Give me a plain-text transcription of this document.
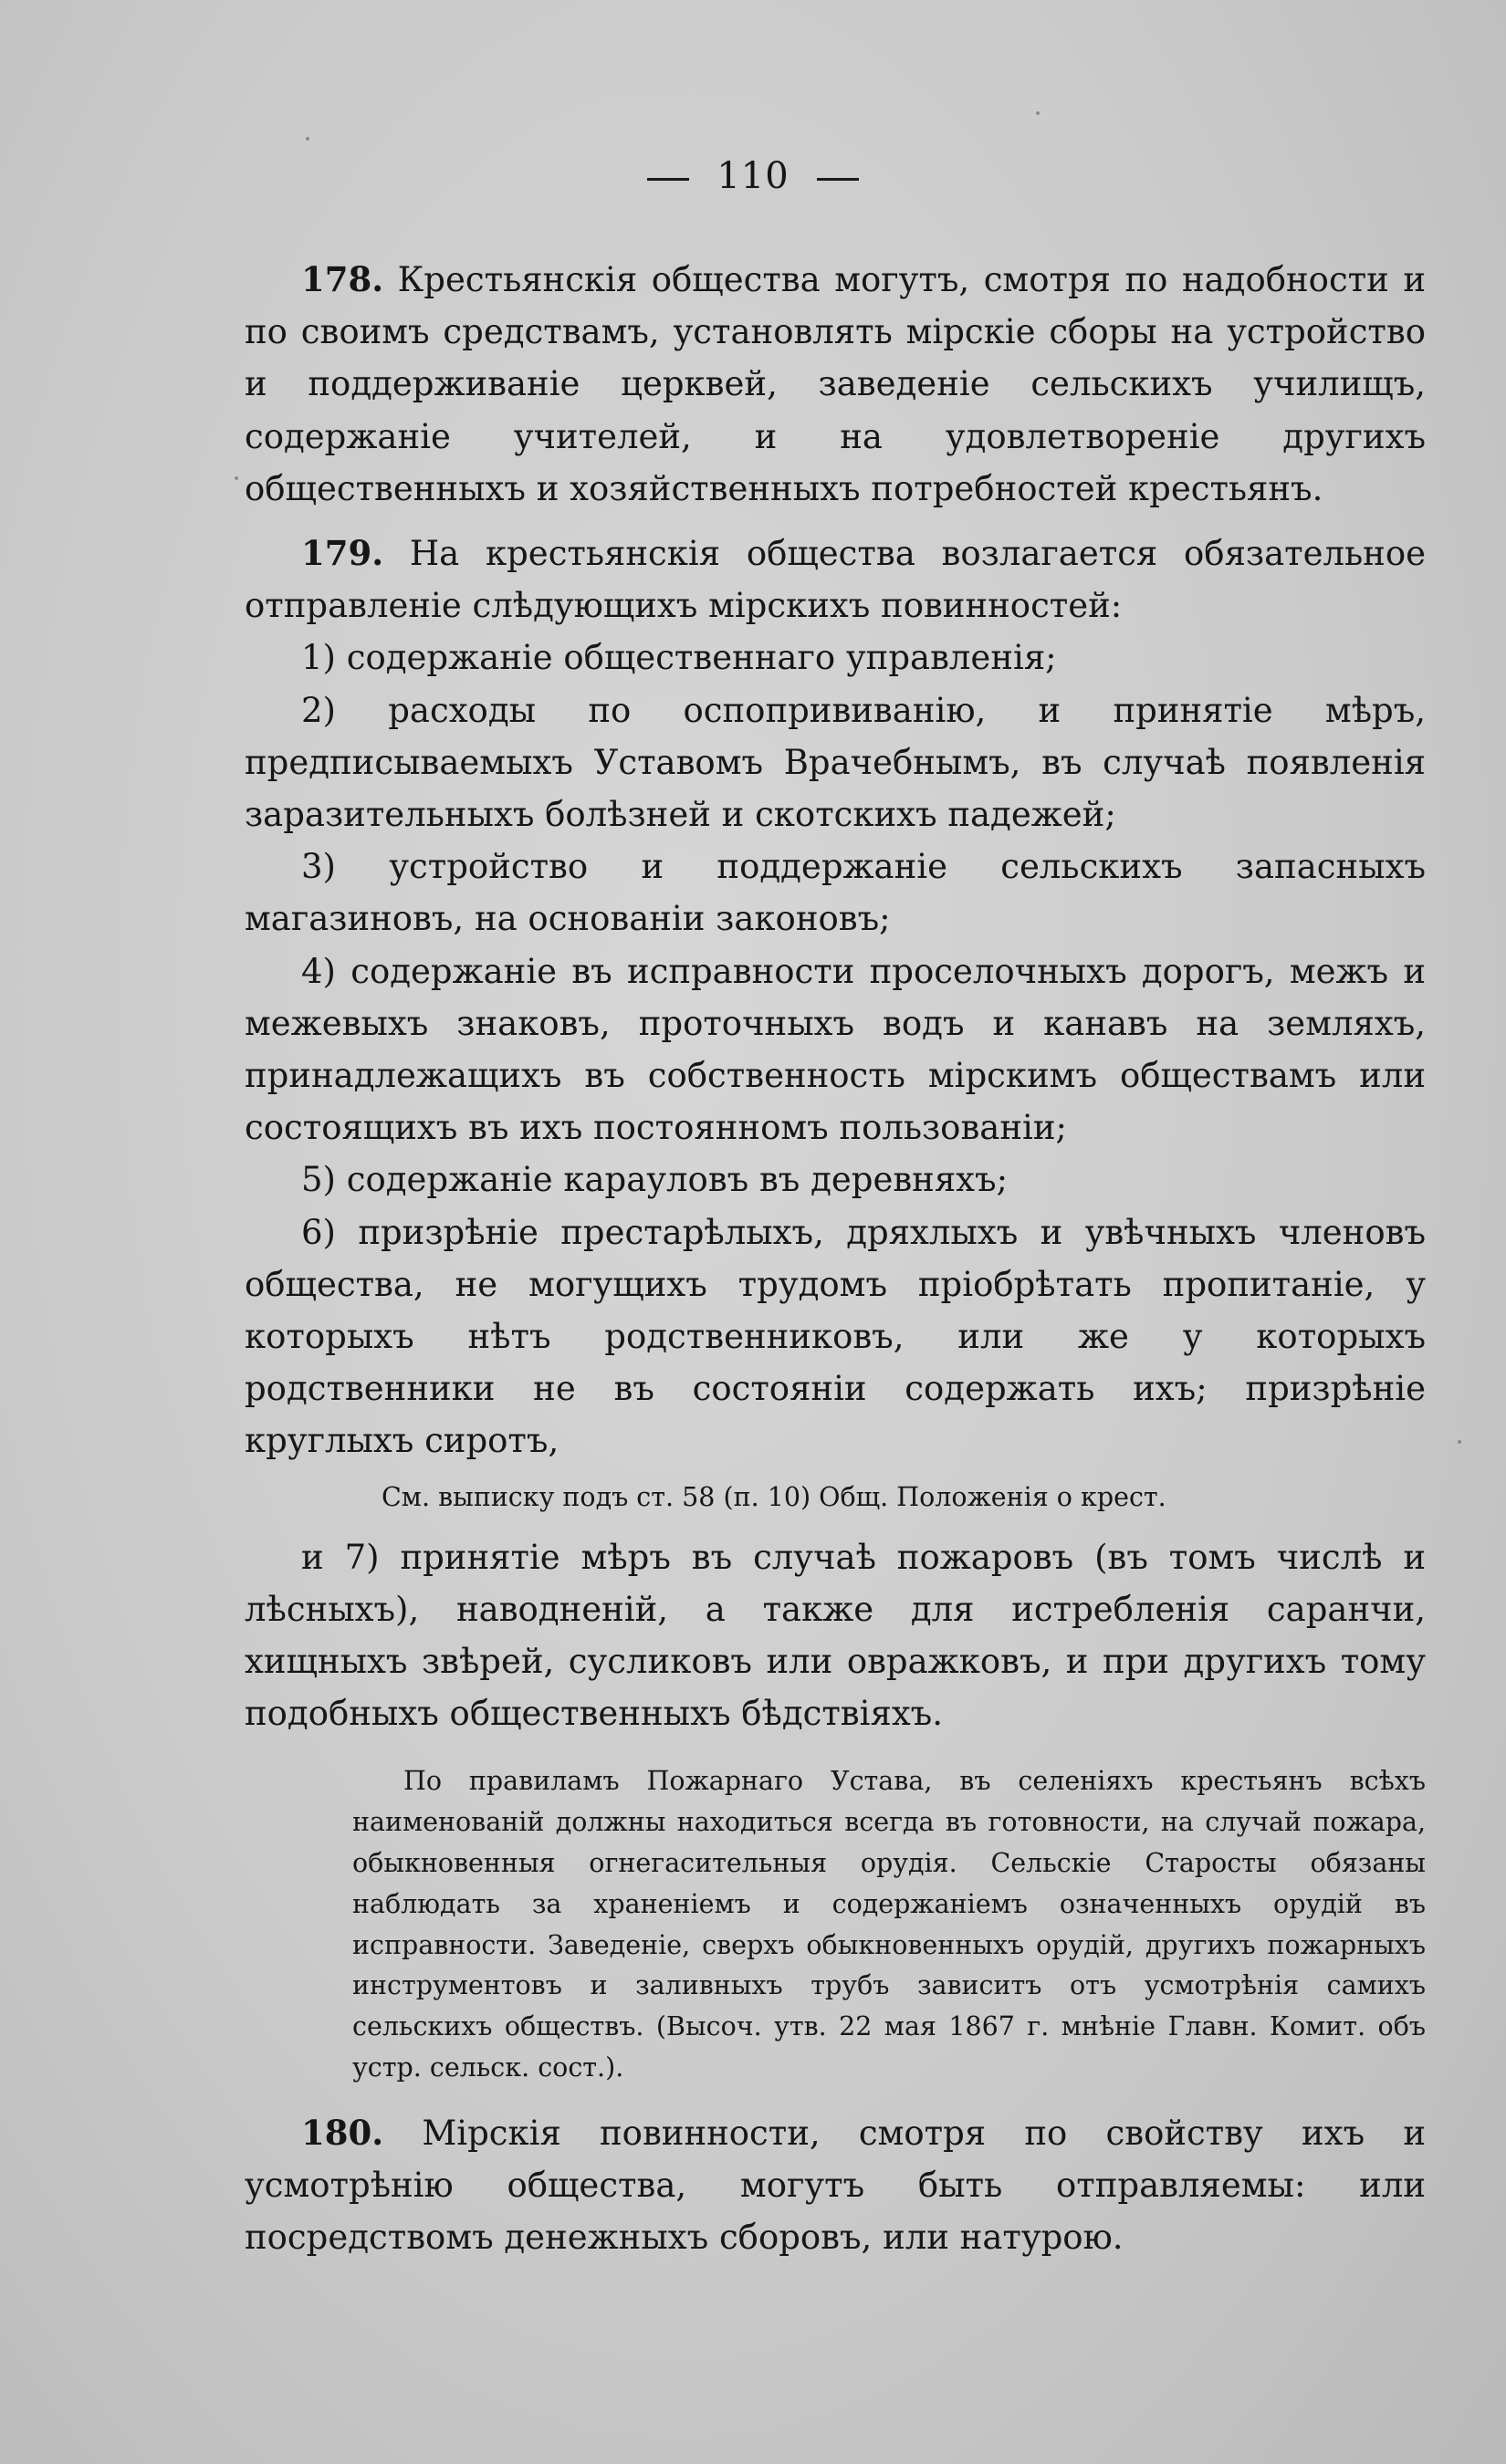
110

178. Крестьянскія общества могутъ, смотря по надобности и по своимъ средствамъ, установлять мірскіе сборы на устройство и поддерживаніе церквей, заведеніе сельскихъ училищъ, содержаніе учителей, и на удовлетвореніе другихъ общественныхъ и хозяйственныхъ потребностей крестьянъ.

179. На крестьянскія общества возлагается обязательное отправленіе слѣдующихъ мірскихъ повинностей:

1) содержаніе общественнаго управленія;

2) расходы по оспопрививанію, и принятіе мѣръ, предписываемыхъ Уставомъ Врачебнымъ, въ случаѣ появленія заразительныхъ болѣзней и скотскихъ падежей;

3) устройство и поддержаніе сельскихъ запасныхъ магазиновъ, на основаніи законовъ;

4) содержаніе въ исправности проселочныхъ дорогъ, межъ и межевыхъ знаковъ, проточныхъ водъ и канавъ на земляхъ, принадлежащихъ въ собственность мірскимъ обществамъ или состоящихъ въ ихъ постоянномъ пользованіи;

5) содержаніе карауловъ въ деревняхъ;

6) призрѣніе престарѣлыхъ, дряхлыхъ и увѣчныхъ членовъ общества, не могущихъ трудомъ пріобрѣтать пропитаніе, у которыхъ нѣтъ родственниковъ, или же у которыхъ родственники не въ состояніи содержать ихъ; призрѣніе круглыхъ сиротъ,

См. выписку подъ ст. 58 (п. 10) Общ. Положенія о крест.

и 7) принятіе мѣръ въ случаѣ пожаровъ (въ томъ числѣ и лѣсныхъ), наводненій, а также для истребленія саранчи, хищныхъ звѣрей, сусликовъ или овражковъ, и при другихъ тому подобныхъ общественныхъ бѣдствіяхъ.

По правиламъ Пожарнаго Устава, въ селеніяхъ крестьянъ всѣхъ наименованій должны находиться всегда въ готовности, на случай пожара, обыкновенныя огнегасительныя орудія. Сельскіе Старосты обязаны наблюдать за храненіемъ и содержаніемъ означенныхъ орудій въ исправности. Заведеніе, сверхъ обыкновенныхъ орудій, другихъ пожарныхъ инструментовъ и заливныхъ трубъ зависитъ отъ усмотрѣнія самихъ сельскихъ обществъ. (Высоч. утв. 22 мая 1867 г. мнѣніе Главн. Комит. объ устр. сельск. сост.).

180. Мірскія повинности, смотря по свойству ихъ и усмотрѣнію общества, могутъ быть отправляемы: или посредствомъ денежныхъ сборовъ, или натурою.
